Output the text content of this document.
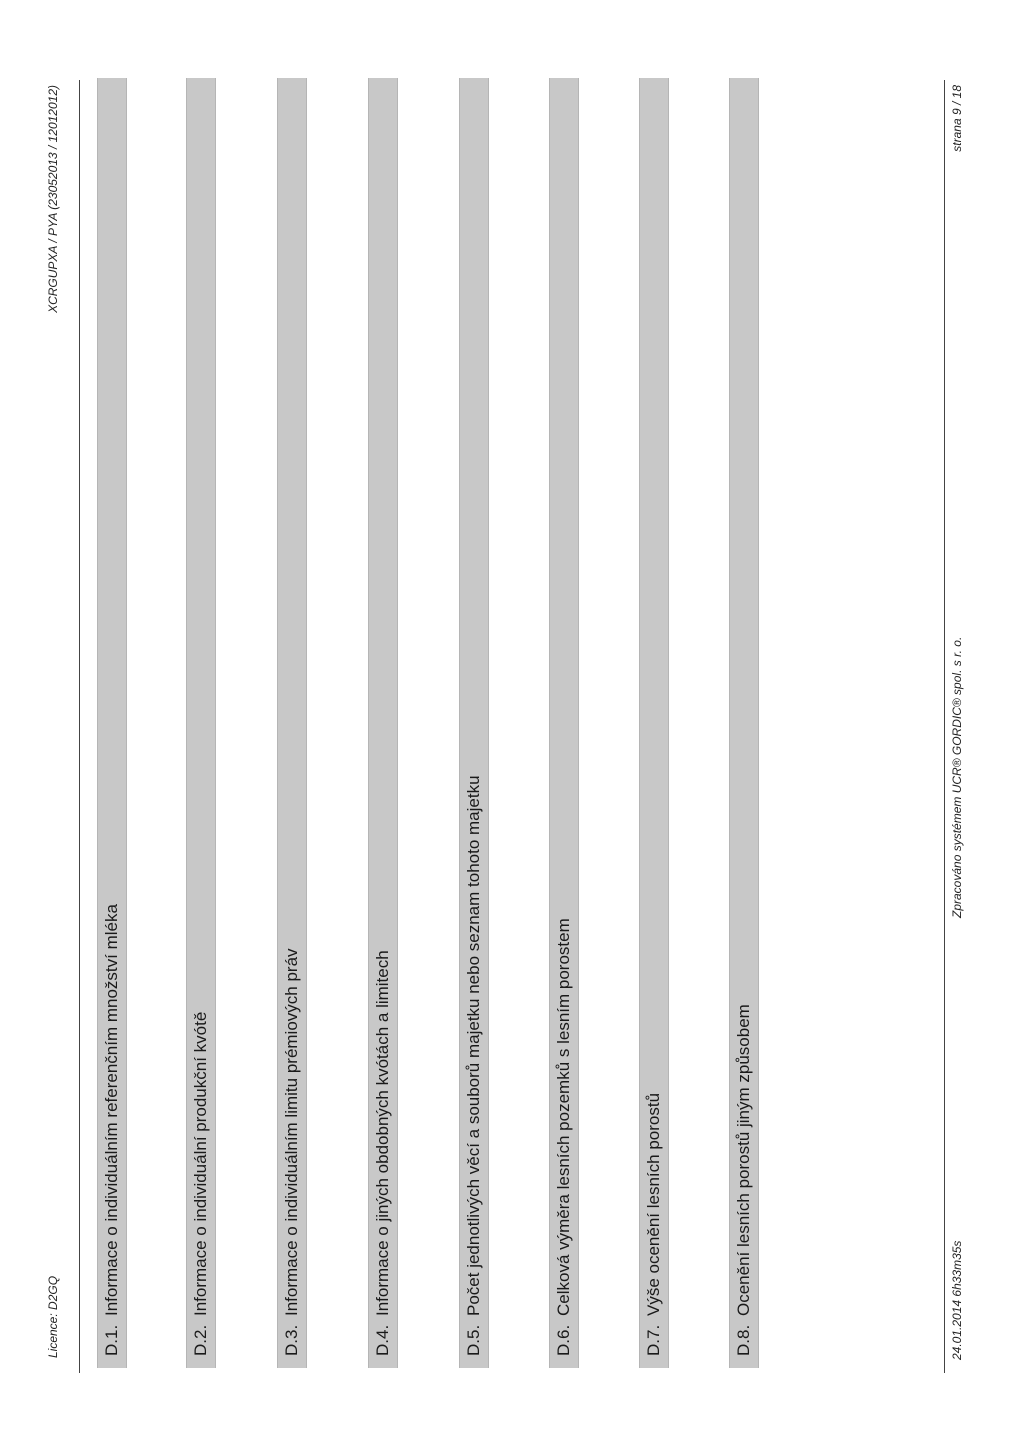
Licence: D2GQ
XCRGUPXA / PYA (23052013 / 12012012)
D.1.
Informace o individuálním referenčním množství mléka
D.2.
Informace o individuální produkční kvótě
D.3.
Informace o individuálním limitu prémiových práv
D.4.
Informace o jiných obdobných kvótách a limitech
D.5.
Počet jednotlivých věcí a souborů majetku nebo seznam tohoto majetku
D.6.
Celková výměra lesních pozemků s lesním porostem
D.7.
Výše ocenění lesních porostů
D.8.
Ocenění lesních porostů jiným způsobem	24.01.2014 6h33m35s
Zpracováno systémem UCR® GORDIC® spol. s r. o.
strana 9 / 18
